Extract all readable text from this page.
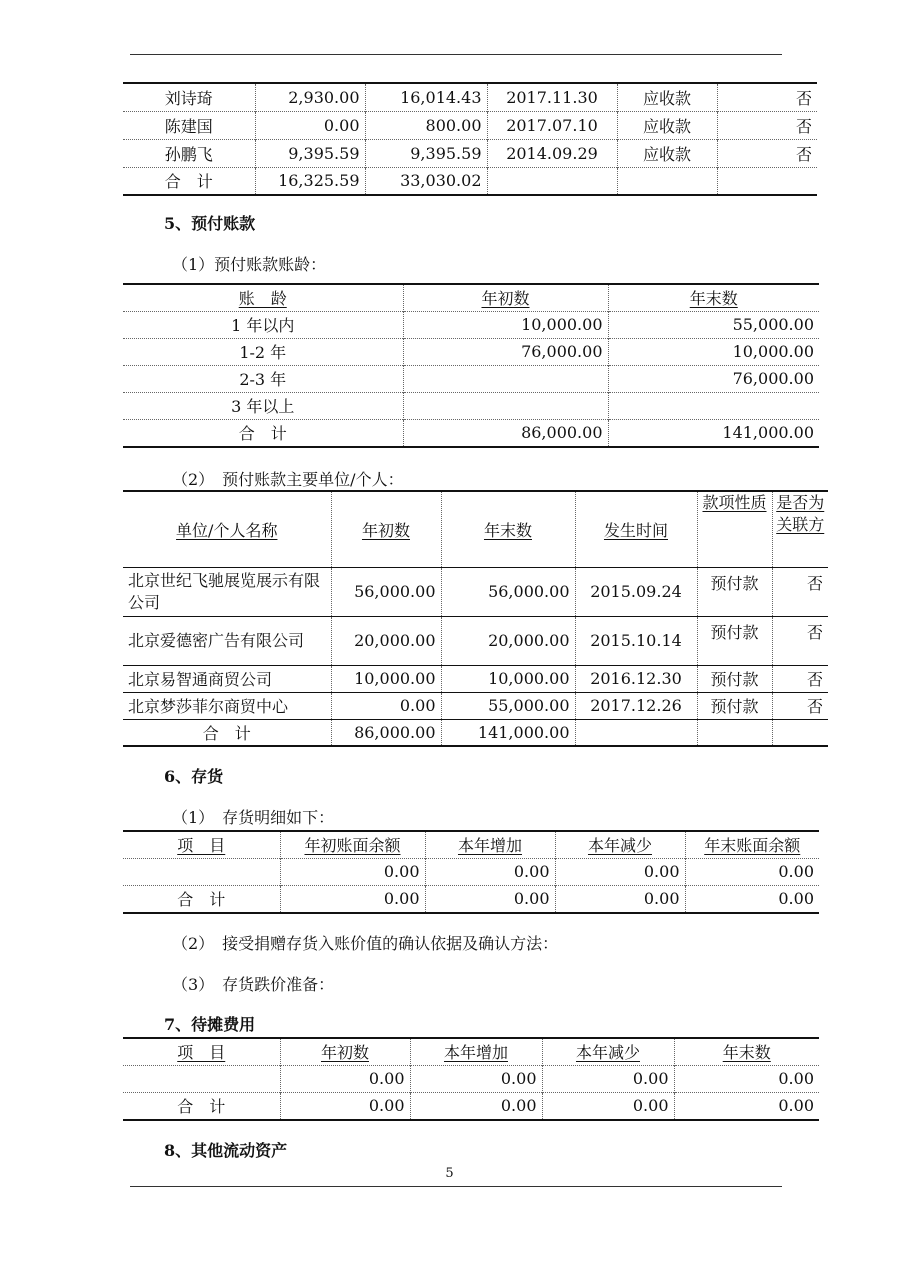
刘诗琦	2,930.00	16,014.43	2017.11.30	应收款	否
陈建国	0.00	800.00	2017.07.10	应收款	否
孙鹏飞	9,395.59	9,395.59	2014.09.29	应收款	否
合　计	16,325.59	33,030.02			
5、预付账款
（1）预付账款账龄：
账　龄	年初数	年末数
1 年以内	10,000.00	55,000.00
1-2 年	76,000.00	10,000.00
2-3 年		76,000.00
3 年以上		
合　计	86,000.00	141,000.00
（2）　预付账款主要单位/个人：
单位/个人名称	年初数	年末数	发生时间	款项性质	是否为关联方
北京世纪飞驰展览展示有限公司	56,000.00	56,000.00	2015.09.24	预付款	否
北京爱德密广告有限公司	20,000.00	20,000.00	2015.10.14	预付款	否
北京易智通商贸公司	10,000.00	10,000.00	2016.12.30	预付款	否
北京梦莎菲尔商贸中心	0.00	55,000.00	2017.12.26	预付款	否
合　计	86,000.00	141,000.00			
6、存货
（1）　存货明细如下：
项　目	年初账面余额	本年增加	本年减少	年末账面余额
	0.00	0.00	0.00	0.00
合　计	0.00	0.00	0.00	0.00
（2）　接受捐赠存货入账价值的确认依据及确认方法：
（3）　存货跌价准备：
7、待摊费用
项　目	年初数	本年增加	本年减少	年末数
	0.00	0.00	0.00	0.00
合　计	0.00	0.00	0.00	0.00
8、其他流动资产
5
